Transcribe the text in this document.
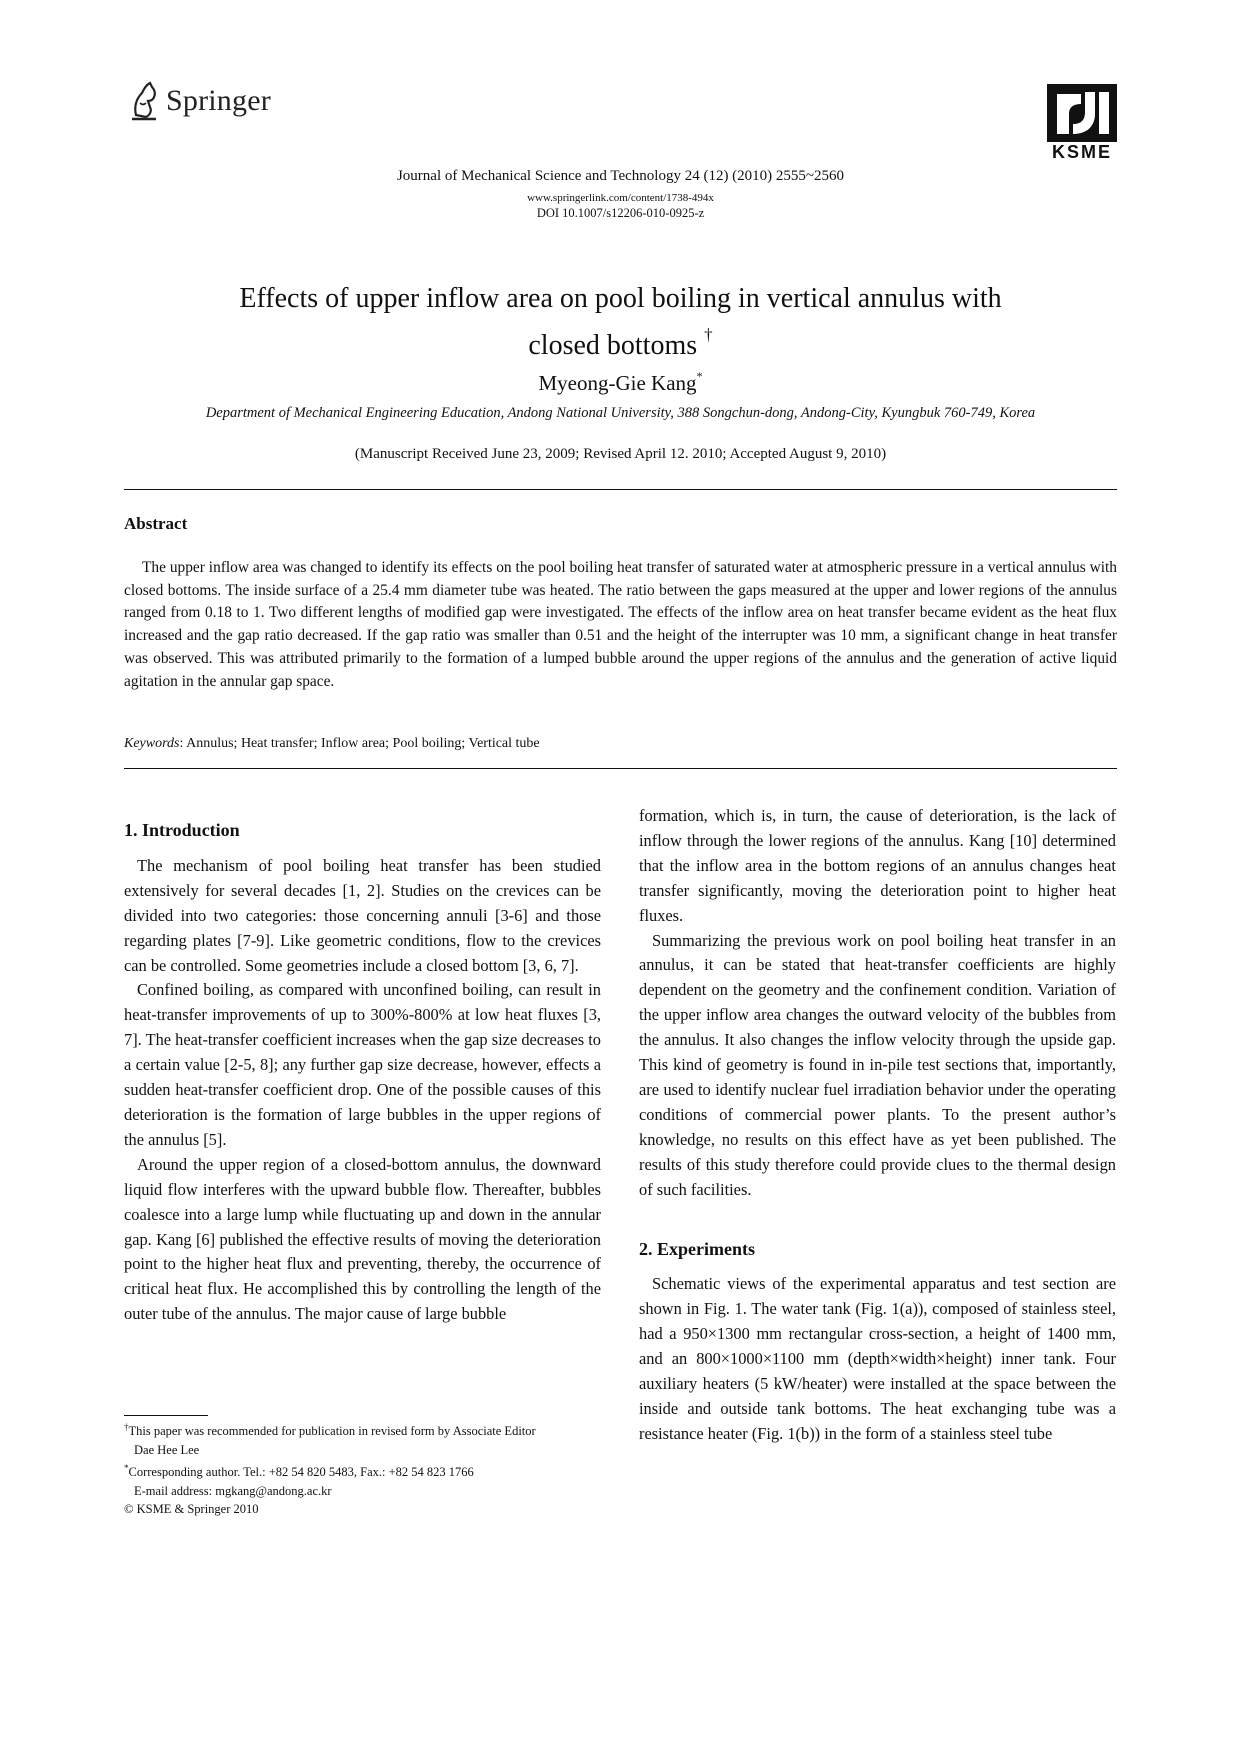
Springer
KSME
Journal of Mechanical Science and Technology 24 (12) (2010) 2555~2560
www.springerlink.com/content/1738-494x
DOI 10.1007/s12206-010-0925-z
Effects of upper inflow area on pool boiling in vertical annulus with
closed bottoms †
Myeong-Gie Kang*
Department of Mechanical Engineering Education, Andong National University, 388 Songchun-dong, Andong-City, Kyungbuk 760-749, Korea
(Manuscript Received June 23, 2009; Revised April 12. 2010; Accepted August 9, 2010)
Abstract

The upper inflow area was changed to identify its effects on the pool boiling heat transfer of saturated water at atmospheric pressure in a vertical annulus with closed bottoms. The inside surface of a 25.4 mm diameter tube was heated. The ratio between the gaps measured at the upper and lower regions of the annulus ranged from 0.18 to 1. Two different lengths of modified gap were investigated. The effects of the inflow area on heat transfer became evident as the heat flux increased and the gap ratio decreased. If the gap ratio was smaller than 0.51 and the height of the interrupter was 10 mm, a significant change in heat transfer was observed. This was attributed primarily to the formation of a lumped bubble around the upper regions of the annulus and the generation of active liquid agitation in the annular gap space.

Keywords: Annulus; Heat transfer; Inflow area; Pool boiling; Vertical tube
1. Introduction

The mechanism of pool boiling heat transfer has been studied extensively for several decades [1, 2]. Studies on the crevices can be divided into two categories: those concerning annuli [3-6] and those regarding plates [7-9]. Like geometric conditions, flow to the crevices can be controlled. Some geometries include a closed bottom [3, 6, 7].

Confined boiling, as compared with unconfined boiling, can result in heat-transfer improvements of up to 300%-800% at low heat fluxes [3, 7]. The heat-transfer coefficient increases when the gap size decreases to a certain value [2-5, 8]; any further gap size decrease, however, effects a sudden heat-transfer coefficient drop. One of the possible causes of this deterioration is the formation of large bubbles in the upper regions of the annulus [5].

Around the upper region of a closed-bottom annulus, the downward liquid flow interferes with the upward bubble flow. Thereafter, bubbles coalesce into a large lump while fluctuating up and down in the annular gap. Kang [6] published the effective results of moving the deterioration point to the higher heat flux and preventing, thereby, the occurrence of critical heat flux. He accomplished this by controlling the length of the outer tube of the annulus. The major cause of large bubble

formation, which is, in turn, the cause of deterioration, is the lack of inflow through the lower regions of the annulus. Kang [10] determined that the inflow area in the bottom regions of an annulus changes heat transfer significantly, moving the deterioration point to higher heat fluxes.

Summarizing the previous work on pool boiling heat transfer in an annulus, it can be stated that heat-transfer coefficients are highly dependent on the geometry and the confinement condition. Variation of the upper inflow area changes the outward velocity of the bubbles from the annulus. It also changes the inflow velocity through the upside gap. This kind of geometry is found in in-pile test sections that, importantly, are used to identify nuclear fuel irradiation behavior under the operating conditions of commercial power plants. To the present author’s knowledge, no results on this effect have as yet been published. The results of this study therefore could provide clues to the thermal design of such facilities.

2. Experiments

Schematic views of the experimental apparatus and test section are shown in Fig. 1. The water tank (Fig. 1(a)), composed of stainless steel, had a 950×1300 mm rectangular cross-section, a height of 1400 mm, and an 800×1000×1100 mm (depth×width×height) inner tank. Four auxiliary heaters (5 kW/heater) were installed at the space between the inside and outside tank bottoms. The heat exchanging tube was a resistance heater (Fig. 1(b)) in the form of a stainless steel tube

†This paper was recommended for publication in revised form by Associate Editor
Dae Hee Lee
*Corresponding author. Tel.: +82 54 820 5483, Fax.: +82 54 823 1766
E-mail address: mgkang@andong.ac.kr
© KSME & Springer 2010
